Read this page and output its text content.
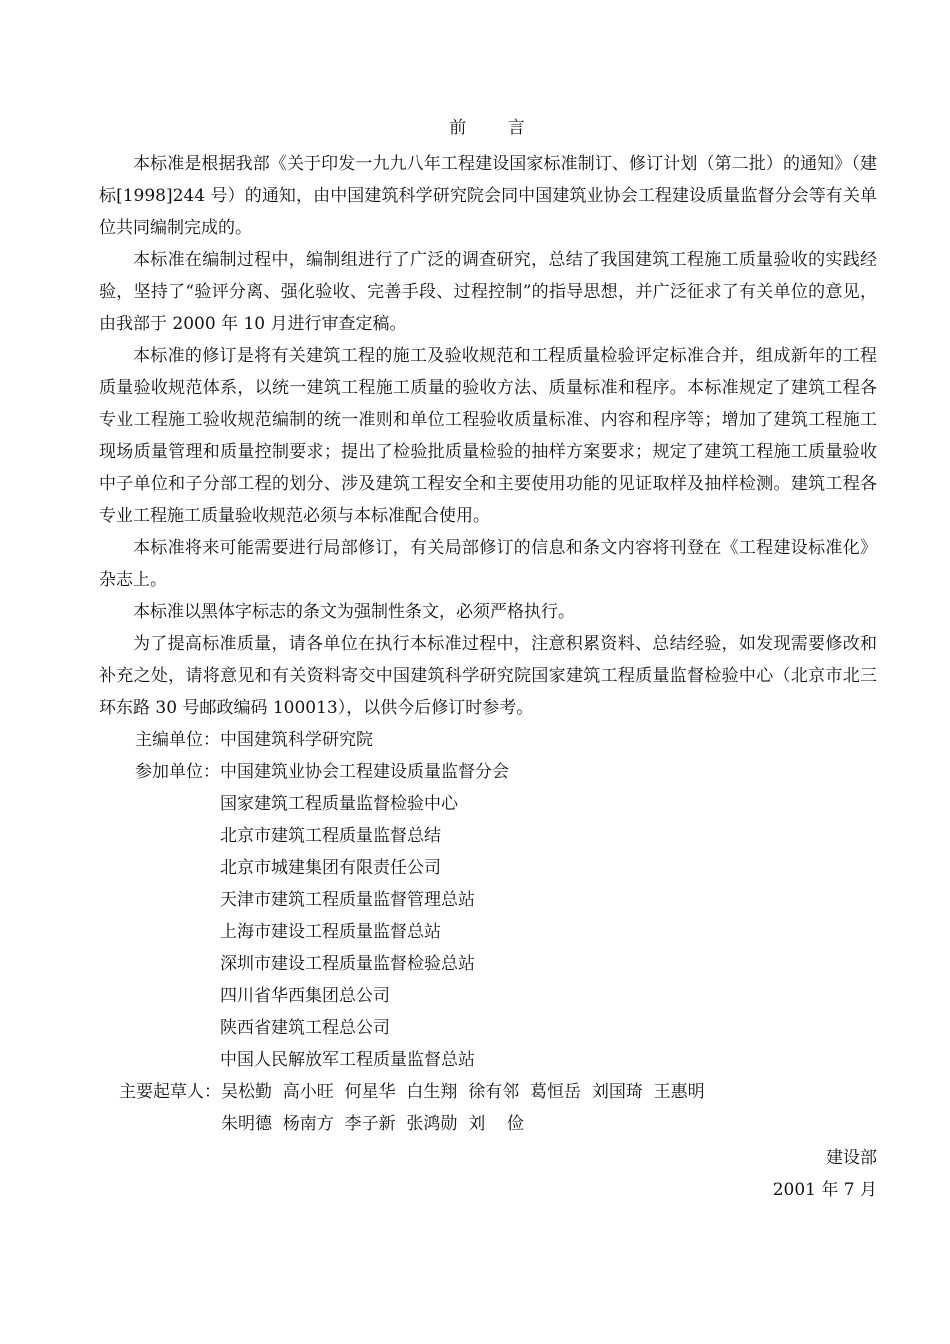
前 言

本标准是根据我部《关于印发一九九八年工程建设国家标准制订、修订计划（第二批）的通知》（建标[1998]244 号）的通知，由中国建筑科学研究院会同中国建筑业协会工程建设质量监督分会等有关单位共同编制完成的。

本标准在编制过程中，编制组进行了广泛的调查研究，总结了我国建筑工程施工质量验收的实践经验，坚持了“验评分离、强化验收、完善手段、过程控制”的指导思想，并广泛征求了有关单位的意见，由我部于 2000 年 10 月进行审查定稿。

本标准的修订是将有关建筑工程的施工及验收规范和工程质量检验评定标准合并，组成新年的工程质量验收规范体系，以统一建筑工程施工质量的验收方法、质量标准和程序。本标准规定了建筑工程各专业工程施工验收规范编制的统一准则和单位工程验收质量标准、内容和程序等；增加了建筑工程施工现场质量管理和质量控制要求；提出了检验批质量检验的抽样方案要求；规定了建筑工程施工质量验收中子单位和子分部工程的划分、涉及建筑工程安全和主要使用功能的见证取样及抽样检测。建筑工程各专业工程施工质量验收规范必须与本标准配合使用。

本标准将来可能需要进行局部修订，有关局部修订的信息和条文内容将刊登在《工程建设标准化》杂志上。

本标准以黑体字标志的条文为强制性条文，必须严格执行。

为了提高标准质量，请各单位在执行本标准过程中，注意积累资料、总结经验，如发现需要修改和补充之处，请将意见和有关资料寄交中国建筑科学研究院国家建筑工程质量监督检验中心（北京市北三环东路 30 号邮政编码 100013），以供今后修订时参考。

主编单位： 中国建筑科学研究院
参加单位： 中国建筑业协会工程建设质量监督分会
国家建筑工程质量监督检验中心
北京市建筑工程质量监督总结
北京市城建集团有限责任公司
天津市建筑工程质量监督管理总站
上海市建设工程质量监督总站
深圳市建设工程质量监督检验总站
四川省华西集团总公司
陕西省建筑工程总公司
中国人民解放军工程质量监督总站
主要起草人： 吴松勤  高小旺  何星华  白生翔  徐有邻  葛恒岳  刘国琦  王惠明
朱明德  杨南方  李子新  张鸿勋  刘    俭
建设部
2001 年 7 月
